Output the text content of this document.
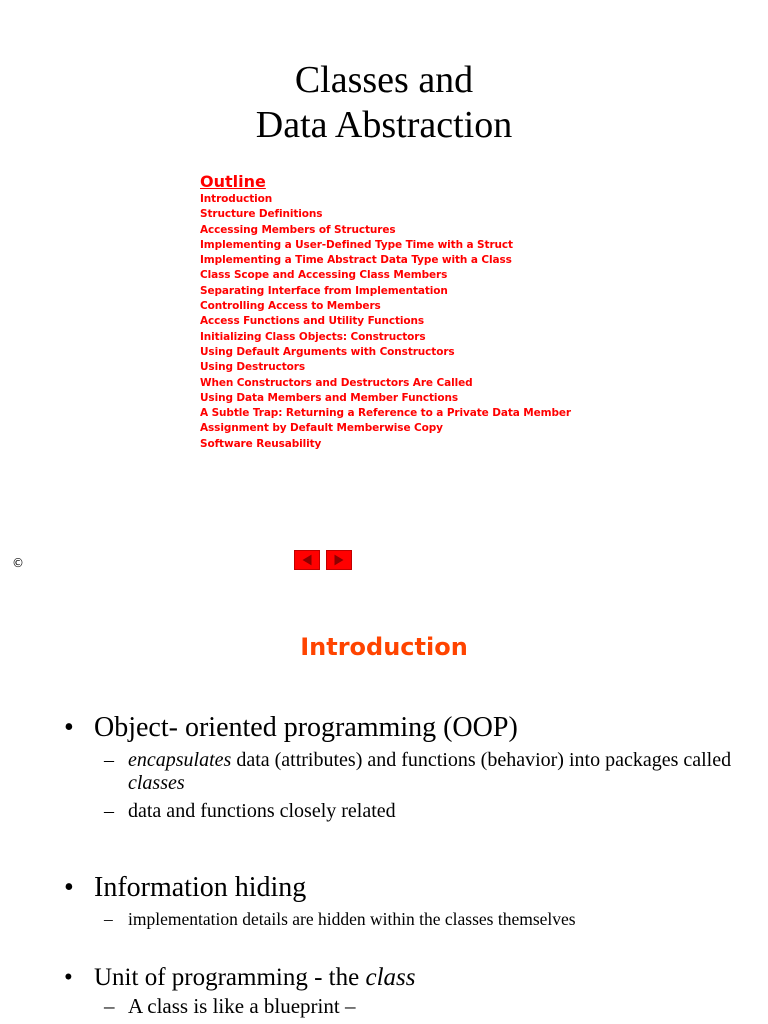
Classes and
Data Abstraction
Outline
Introduction
Structure Definitions
Accessing Members of Structures
Implementing a User-Defined Type Time with a Struct
Implementing a Time Abstract Data Type with a Class
Class Scope and Accessing Class Members
Separating Interface from Implementation
Controlling Access to Members
Access Functions and Utility Functions
Initializing Class Objects: Constructors
Using Default Arguments with Constructors
Using Destructors
When Constructors and Destructors Are Called
Using Data Members and Member Functions
A Subtle Trap: Returning a Reference to a Private Data Member
Assignment by Default Memberwise Copy
Software Reusability
©
Introduction
• Object- oriented programming (OOP)
– encapsulates data (attributes) and functions (behavior) into packages called classes
– data and functions closely related
• Information hiding
– implementation details are hidden within the classes themselves
• Unit of programming - the class
– A class is like a blueprint –
